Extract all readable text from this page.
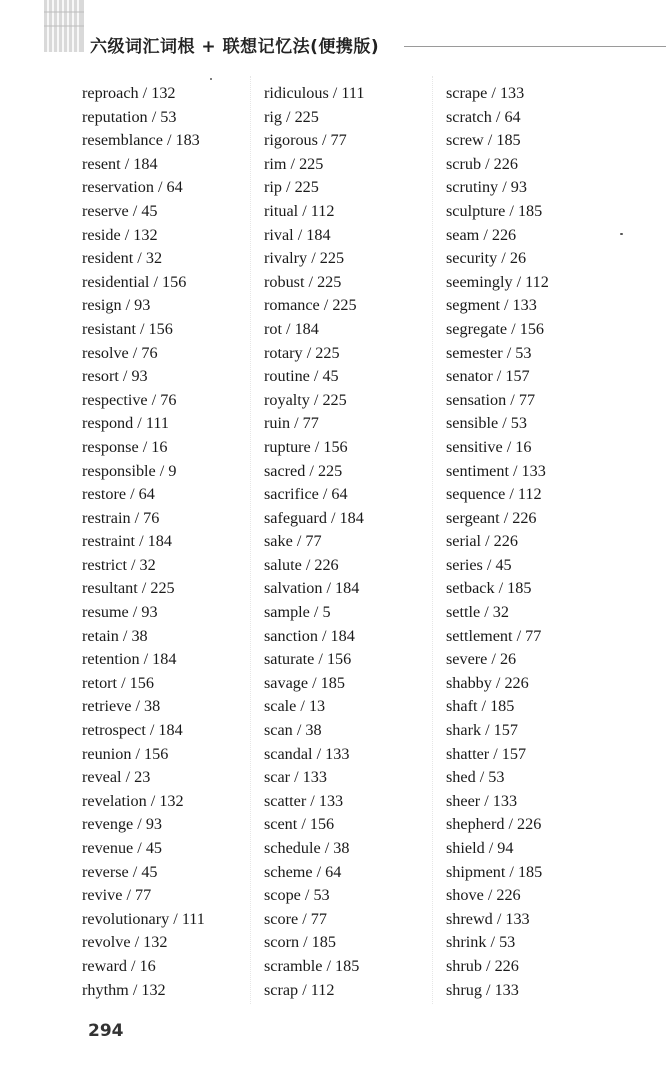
六级词汇词根 + 联想记忆法(便携版)
reproach / 132
reputation / 53
resemblance / 183
resent / 184
reservation / 64
reserve / 45
reside / 132
resident / 32
residential / 156
resign / 93
resistant / 156
resolve / 76
resort / 93
respective / 76
respond / 111
response / 16
responsible / 9
restore / 64
restrain / 76
restraint / 184
restrict / 32
resultant / 225
resume / 93
retain / 38
retention / 184
retort / 156
retrieve / 38
retrospect / 184
reunion / 156
reveal / 23
revelation / 132
revenge / 93
revenue / 45
reverse / 45
revive / 77
revolutionary / 111
revolve / 132
reward / 16
rhythm / 132
ridiculous / 111
rig / 225
rigorous / 77
rim / 225
rip / 225
ritual / 112
rival / 184
rivalry / 225
robust / 225
romance / 225
rot / 184
rotary / 225
routine / 45
royalty / 225
ruin / 77
rupture / 156
sacred / 225
sacrifice / 64
safeguard / 184
sake / 77
salute / 226
salvation / 184
sample / 5
sanction / 184
saturate / 156
savage / 185
scale / 13
scan / 38
scandal / 133
scar / 133
scatter / 133
scent / 156
schedule / 38
scheme / 64
scope / 53
score / 77
scorn / 185
scramble / 185
scrap / 112
scrape / 133
scratch / 64
screw / 185
scrub / 226
scrutiny / 93
sculpture / 185
seam / 226
security / 26
seemingly / 112
segment / 133
segregate / 156
semester / 53
senator / 157
sensation / 77
sensible / 53
sensitive / 16
sentiment / 133
sequence / 112
sergeant / 226
serial / 226
series / 45
setback / 185
settle / 32
settlement / 77
severe / 26
shabby / 226
shaft / 185
shark / 157
shatter / 157
shed / 53
sheer / 133
shepherd / 226
shield / 94
shipment / 185
shove / 226
shrewd / 133
shrink / 53
shrub / 226
shrug / 133
294
